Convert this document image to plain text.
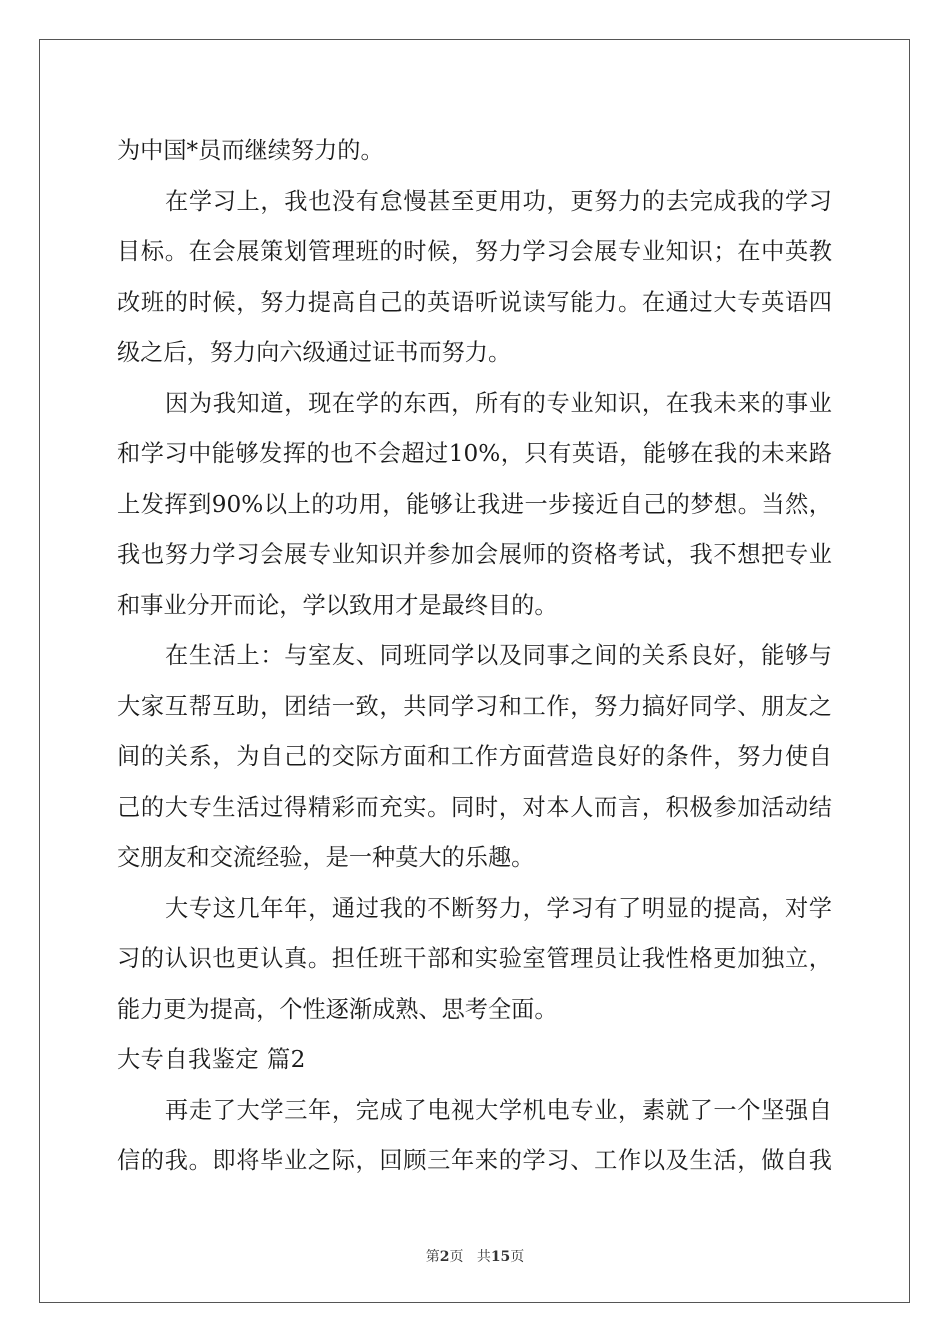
为中国*员而继续努力的。
在学习上，我也没有怠慢甚至更用功，更努力的去完成我的学习
目标。在会展策划管理班的时候，努力学习会展专业知识；在中英教
改班的时候，努力提高自己的英语听说读写能力。在通过大专英语四
级之后，努力向六级通过证书而努力。
因为我知道，现在学的东西，所有的专业知识，在我未来的事业
和学习中能够发挥的也不会超过10%，只有英语，能够在我的未来路
上发挥到90%以上的功用，能够让我进一步接近自己的梦想。当然，
我也努力学习会展专业知识并参加会展师的资格考试，我不想把专业
和事业分开而论，学以致用才是最终目的。
在生活上：与室友、同班同学以及同事之间的关系良好，能够与
大家互帮互助，团结一致，共同学习和工作，努力搞好同学、朋友之
间的关系，为自己的交际方面和工作方面营造良好的条件，努力使自
己的大专生活过得精彩而充实。同时，对本人而言，积极参加活动结
交朋友和交流经验，是一种莫大的乐趣。
大专这几年年，通过我的不断努力，学习有了明显的提高，对学
习的认识也更认真。担任班干部和实验室管理员让我性格更加独立，
能力更为提高，个性逐渐成熟、思考全面。
大专自我鉴定 篇2
再走了大学三年，完成了电视大学机电专业，素就了一个坚强自
信的我。即将毕业之际，回顾三年来的学习、工作以及生活，做自我
第2页 共15页
